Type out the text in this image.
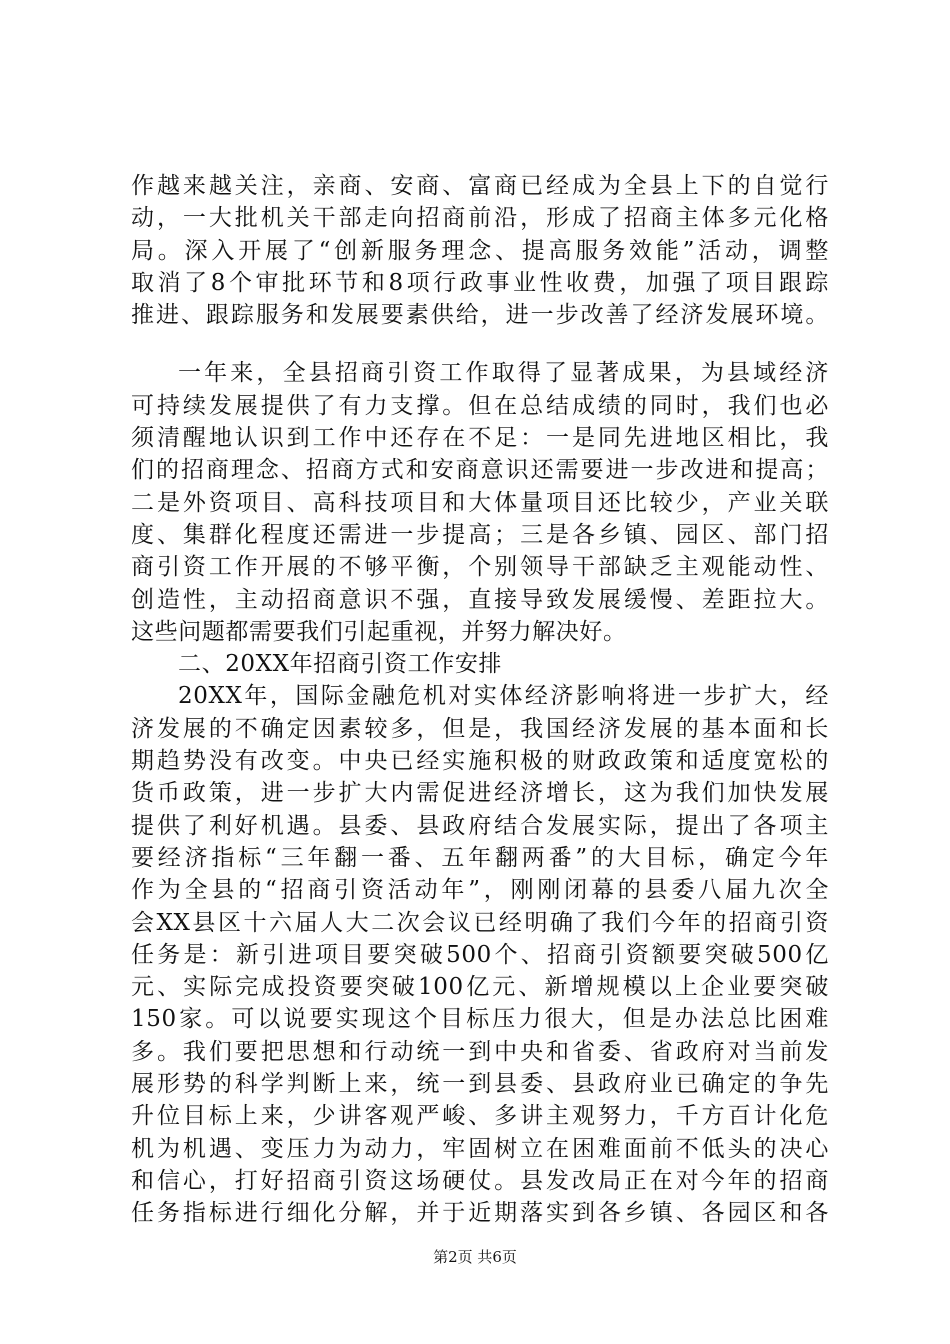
作越来越关注，亲商、安商、富商已经成为全县上下的自觉行
动，一大批机关干部走向招商前沿，形成了招商主体多元化格
局。深入开展了“创新服务理念、提高服务效能”活动，调整
取消了8个审批环节和8项行政事业性收费，加强了项目跟踪
推进、跟踪服务和发展要素供给，进一步改善了经济发展环境。
一年来，全县招商引资工作取得了显著成果，为县域经济
可持续发展提供了有力支撑。但在总结成绩的同时，我们也必
须清醒地认识到工作中还存在不足：一是同先进地区相比，我
们的招商理念、招商方式和安商意识还需要进一步改进和提高；
二是外资项目、高科技项目和大体量项目还比较少，产业关联
度、集群化程度还需进一步提高；三是各乡镇、园区、部门招
商引资工作开展的不够平衡，个别领导干部缺乏主观能动性、
创造性，主动招商意识不强，直接导致发展缓慢、差距拉大。
这些问题都需要我们引起重视，并努力解决好。
二、20XX年招商引资工作安排
20XX年，国际金融危机对实体经济影响将进一步扩大，经
济发展的不确定因素较多，但是，我国经济发展的基本面和长
期趋势没有改变。中央已经实施积极的财政政策和适度宽松的
货币政策，进一步扩大内需促进经济增长，这为我们加快发展
提供了利好机遇。县委、县政府结合发展实际，提出了各项主
要经济指标“三年翻一番、五年翻两番”的大目标，确定今年
作为全县的“招商引资活动年”，刚刚闭幕的县委八届九次全
会XX县区十六届人大二次会议已经明确了我们今年的招商引资
任务是：新引进项目要突破500个、招商引资额要突破500亿
元、实际完成投资要突破100亿元、新增规模以上企业要突破
150家。可以说要实现这个目标压力很大，但是办法总比困难
多。我们要把思想和行动统一到中央和省委、省政府对当前发
展形势的科学判断上来，统一到县委、县政府业已确定的争先
升位目标上来，少讲客观严峻、多讲主观努力，千方百计化危
机为机遇、变压力为动力，牢固树立在困难面前不低头的决心
和信心，打好招商引资这场硬仗。县发改局正在对今年的招商
任务指标进行细化分解，并于近期落实到各乡镇、各园区和各
第2页 共6页
